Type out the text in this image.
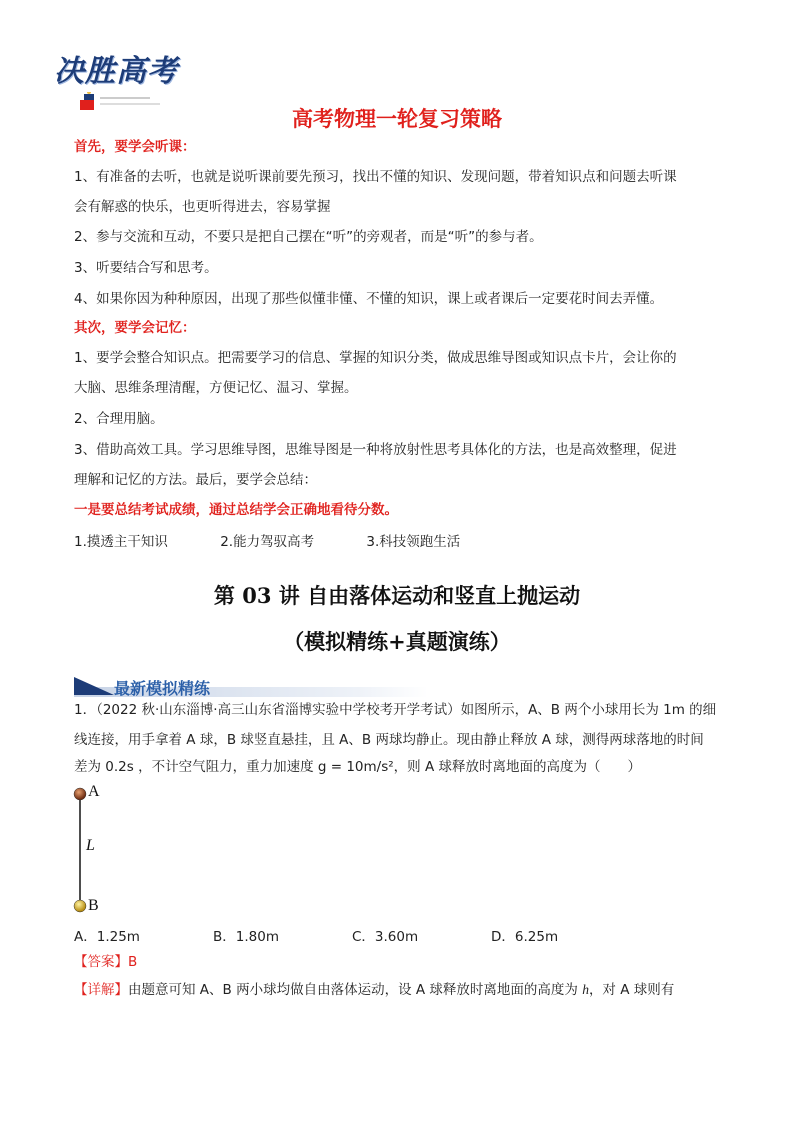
决胜高考
高考物理一轮复习策略
首先，要学会听课：
1、有准备的去听，也就是说听课前要先预习，找出不懂的知识、发现问题，带着知识点和问题去听课
会有解惑的快乐，也更听得进去，容易掌握
2、参与交流和互动，不要只是把自己摆在“听”的旁观者，而是“听”的参与者。
3、听要结合写和思考。
4、如果你因为种种原因，出现了那些似懂非懂、不懂的知识，课上或者课后一定要花时间去弄懂。
其次，要学会记忆：
1、要学会整合知识点。把需要学习的信息、掌握的知识分类，做成思维导图或知识点卡片，会让你的
大脑、思维条理清醒，方便记忆、温习、掌握。
2、合理用脑。
3、借助高效工具。学习思维导图，思维导图是一种将放射性思考具体化的方法，也是高效整理，促进
理解和记忆的方法。最后，要学会总结：
一是要总结考试成绩，通过总结学会正确地看待分数。
1.摸透主干知识	2.能力驾驭高考	3.科技领跑生活
第 03 讲 自由落体运动和竖直上抛运动
（模拟精练+真题演练）
最新模拟精练
1．（2022 秋·山东淄博·高三山东省淄博实验中学校考开学考试）如图所示，A、B 两个小球用长为 1m 的细
线连接，用手拿着 A 球，B 球竖直悬挂，且 A、B 两球均静止。现由静止释放 A 球，测得两球落地的时间
差为 0.2s ，不计空气阻力，重力加速度 g = 10m/s²，则 A 球释放时离地面的高度为（　　）
A
L
B
A．1.25m	B．1.80m	C．3.60m	D．6.25m
【答案】B
【详解】由题意可知 A、B 两小球均做自由落体运动，设 A 球释放时离地面的高度为 h，对 A 球则有
